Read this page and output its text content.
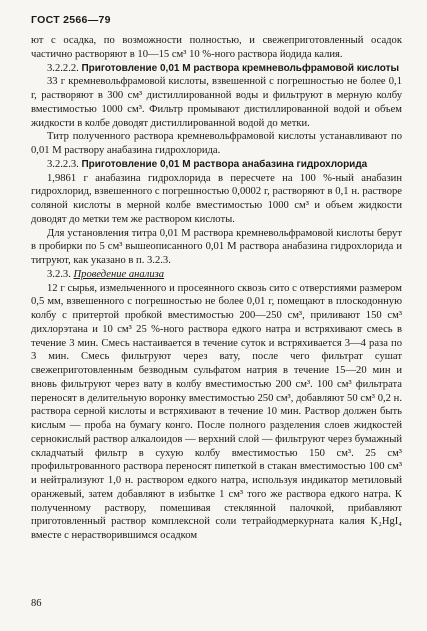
ГОСТ 2566—79

ют с осадка, по возможности полностью, и свежеприготовленный осадок частично растворяют в 10—15 см³ 10 %-ного раствора йодида калия.

3.2.2.2. Приготовление 0,01 М раствора кремневольфрамовой кислоты

33 г кремневольфрамовой кислоты, взвешенной с погрешностью не более 0,1 г, растворяют в 300 см³ дистиллированной воды и фильтруют в мерную колбу вместимостью 1000 см³. Фильтр промывают дистиллированной водой и объем жидкости в колбе доводят дистиллированной водой до метки.

Титр полученного раствора кремневольфрамовой кислоты устанавливают по 0,01 М раствору анабазина гидрохлорида.

3.2.2.3. Приготовление 0,01 М раствора анабазина гидрохлорида

1,9861 г анабазина гидрохлорида в пересчете на 100 %-ный анабазин гидрохлорид, взвешенного с погрешностью 0,0002 г, растворяют в 0,1 н. растворе соляной кислоты в мерной колбе вместимостью 1000 см³ и объем жидкости доводят до метки тем же раствором кислоты.

Для установления титра 0,01 М раствора кремневольфрамовой кислоты берут в пробирки по 5 см³ вышеописанного 0,01 М раствора анабазина гидрохлорида и титруют, как указано в п. 3.2.3.

3.2.3. Проведение анализа

12 г сырья, измельченного и просеянного сквозь сито с отверстиями размером 0,5 мм, взвешенного с погрешностью не более 0,01 г, помещают в плоскодонную колбу с притертой пробкой вместимостью 200—250 см³, приливают 150 см³ дихлорэтана и 10 см³ 25 %-ного раствора едкого натра и встряхивают смесь в течение 3 мин. Смесь настаивается в течение суток и встряхивается 3—4 раза по 3 мин. Смесь фильтруют через вату, после чего фильтрат сушат свежеприготовленным безводным сульфатом натрия в течение 15—20 мин и вновь фильтруют через вату в колбу вместимостью 200 см³. 100 см³ фильтрата переносят в делительную воронку вместимостью 250 см³, добавляют 50 см³ 0,2 н. раствора серной кислоты и встряхивают в течение 10 мин. Раствор должен быть кислым — проба на бумагу конго. После полного разделения слоев жидкостей сернокислый раствор алкалоидов — верхний слой — фильтруют через бумажный складчатый фильтр в сухую колбу вместимостью 150 см³. 25 см³ профильтрованного раствора переносят пипеткой в стакан вместимостью 100 см³ и нейтрализуют 1,0 н. раствором едкого натра, используя индикатор метиловый оранжевый, затем добавляют в избытке 1 см³ того же раствора едкого натра. К полученному раствору, помешивая стеклянной палочкой, прибавляют приготовленный раствор комплексной соли тетрайодмеркурната калия K₂HgI₄ вместе с нерастворившимся осадком

86
